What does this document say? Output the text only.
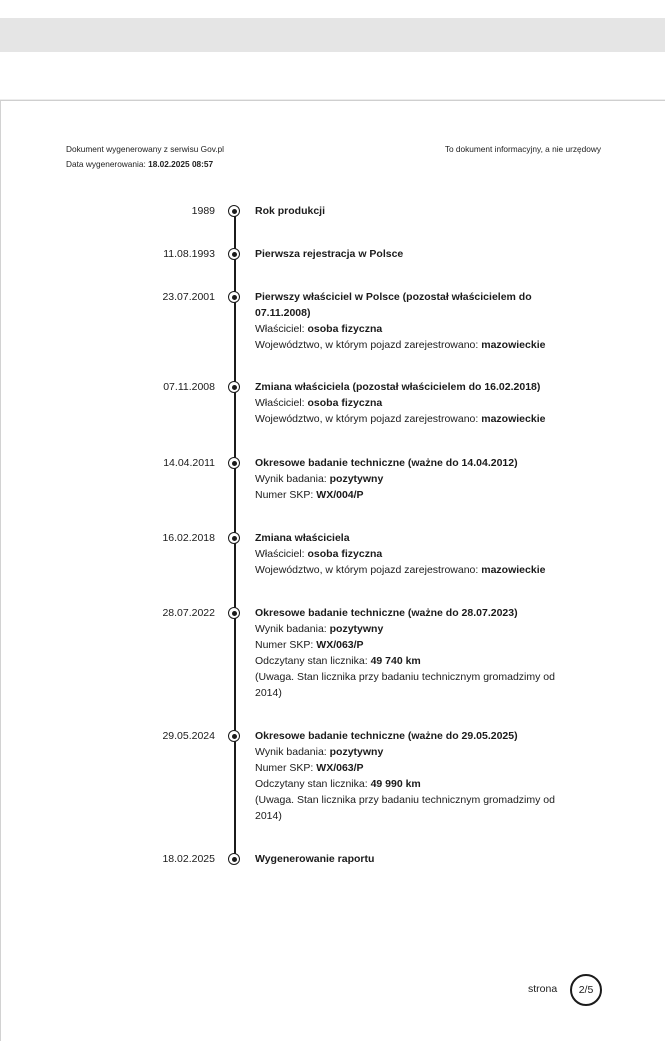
Dokument wygenerowany z serwisu Gov.pl
Data wygenerowania: 18.02.2025 08:57
To dokument informacyjny, a nie urzędowy
1989	Rok produkcji
11.08.1993	Pierwsza rejestracja w Polsce
23.07.2001	Pierwszy właściciel w Polsce (pozostał właścicielem do 07.11.2008)
Właściciel: osoba fizyczna
Województwo, w którym pojazd zarejestrowano: mazowieckie
07.11.2008	Zmiana właściciela (pozostał właścicielem do 16.02.2018)
Właściciel: osoba fizyczna
Województwo, w którym pojazd zarejestrowano: mazowieckie
14.04.2011	Okresowe badanie techniczne (ważne do 14.04.2012)
Wynik badania: pozytywny
Numer SKP: WX/004/P
16.02.2018	Zmiana właściciela
Właściciel: osoba fizyczna
Województwo, w którym pojazd zarejestrowano: mazowieckie
28.07.2022	Okresowe badanie techniczne (ważne do 28.07.2023)
Wynik badania: pozytywny
Numer SKP: WX/063/P
Odczytany stan licznika: 49 740 km
(Uwaga. Stan licznika przy badaniu technicznym gromadzimy od 2014)
29.05.2024	Okresowe badanie techniczne (ważne do 29.05.2025)
Wynik badania: pozytywny
Numer SKP: WX/063/P
Odczytany stan licznika: 49 990 km
(Uwaga. Stan licznika przy badaniu technicznym gromadzimy od 2014)
18.02.2025	Wygenerowanie raportu
strona	2/5
